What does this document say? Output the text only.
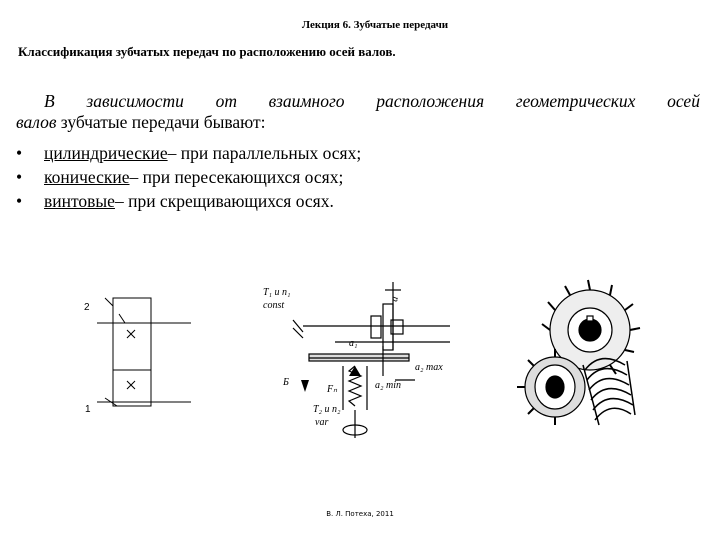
Лекция 6. Зубчатые передачи
Классификация зубчатых передач по расположению осей валов.
В зависимости от взаимного расположения геометрических осей
валов зубчатые передачи бывают:
•	цилиндрические – при параллельных осях;
•	конические – при пересекающихся осях;
•	винтовые – при скрещивающихся осях.
2
1
T₁ и n₁
const
a
a₁
a₂ max
a₂ min
Б
Fₙ
T₂ и n₂
var
В. Л. Потеха, 2011
